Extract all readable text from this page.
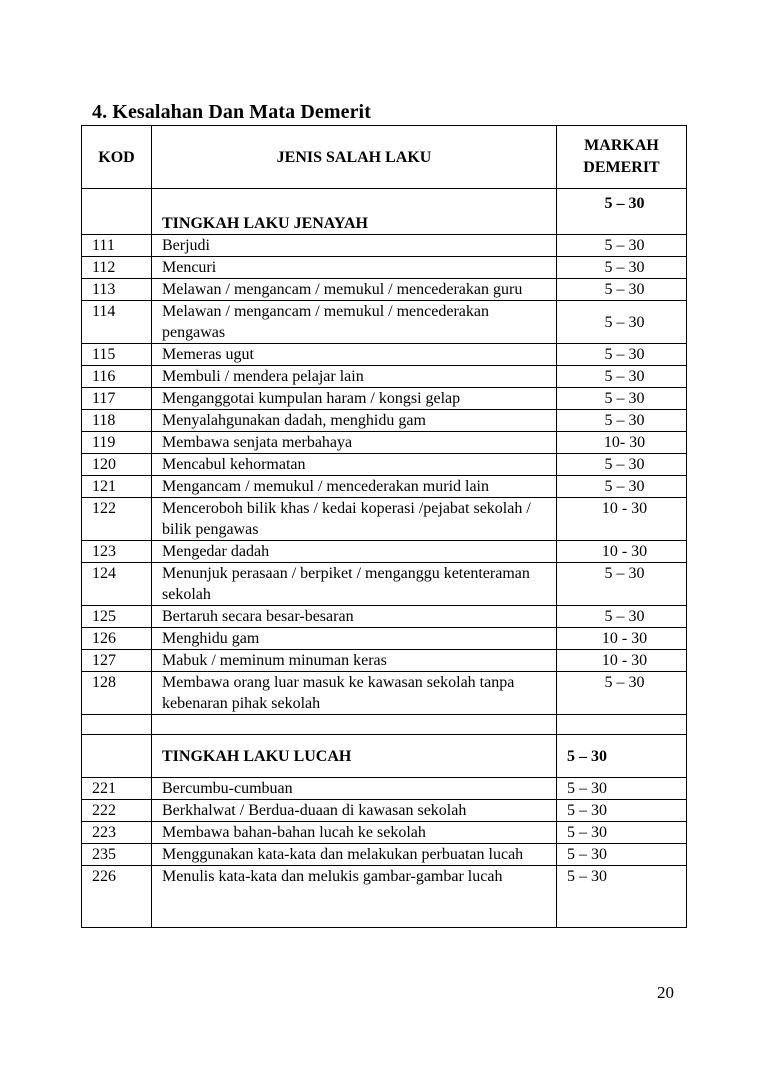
4. Kesalahan Dan Mata Demerit
KOD	JENIS SALAH LAKU	MARKAH
DEMERIT

	TINGKAH LAKU JENAYAH	5 – 30
111	Berjudi	5 – 30
112	Mencuri	5 – 30
113	Melawan / mengancam / memukul / mencederakan guru	5 – 30
114	Melawan / mengancam / memukul / mencederakan pengawas	5 – 30
115	Memeras ugut	5 – 30
116	Membuli / mendera pelajar lain	5 – 30
117	Menganggotai kumpulan haram / kongsi gelap	5 – 30
118	Menyalahgunakan dadah, menghidu gam	5 – 30
119	Membawa senjata merbahaya	10- 30
120	Mencabul kehormatan	5 – 30
121	Mengancam / memukul / mencederakan murid lain	5 – 30
122	Menceroboh bilik khas / kedai koperasi /pejabat sekolah / bilik pengawas	10 - 30
123	Mengedar dadah	10 - 30
124	Menunjuk perasaan / berpiket / menganggu ketenteraman sekolah	5 – 30
125	Bertaruh secara besar-besaran	5 – 30
126	Menghidu gam	10 - 30
127	Mabuk / meminum minuman keras	10 - 30
128	Membawa orang luar masuk ke kawasan sekolah tanpa kebenaran pihak sekolah	5 – 30

	TINGKAH LAKU LUCAH	5 – 30
221	Bercumbu-cumbuan	5 – 30
222	Berkhalwat / Berdua-duaan di kawasan sekolah	5 – 30
223	Membawa bahan-bahan lucah ke sekolah	5 – 30
235	Menggunakan kata-kata dan melakukan perbuatan lucah	5 – 30
226	Menulis kata-kata dan melukis gambar-gambar lucah	5 – 30
20
